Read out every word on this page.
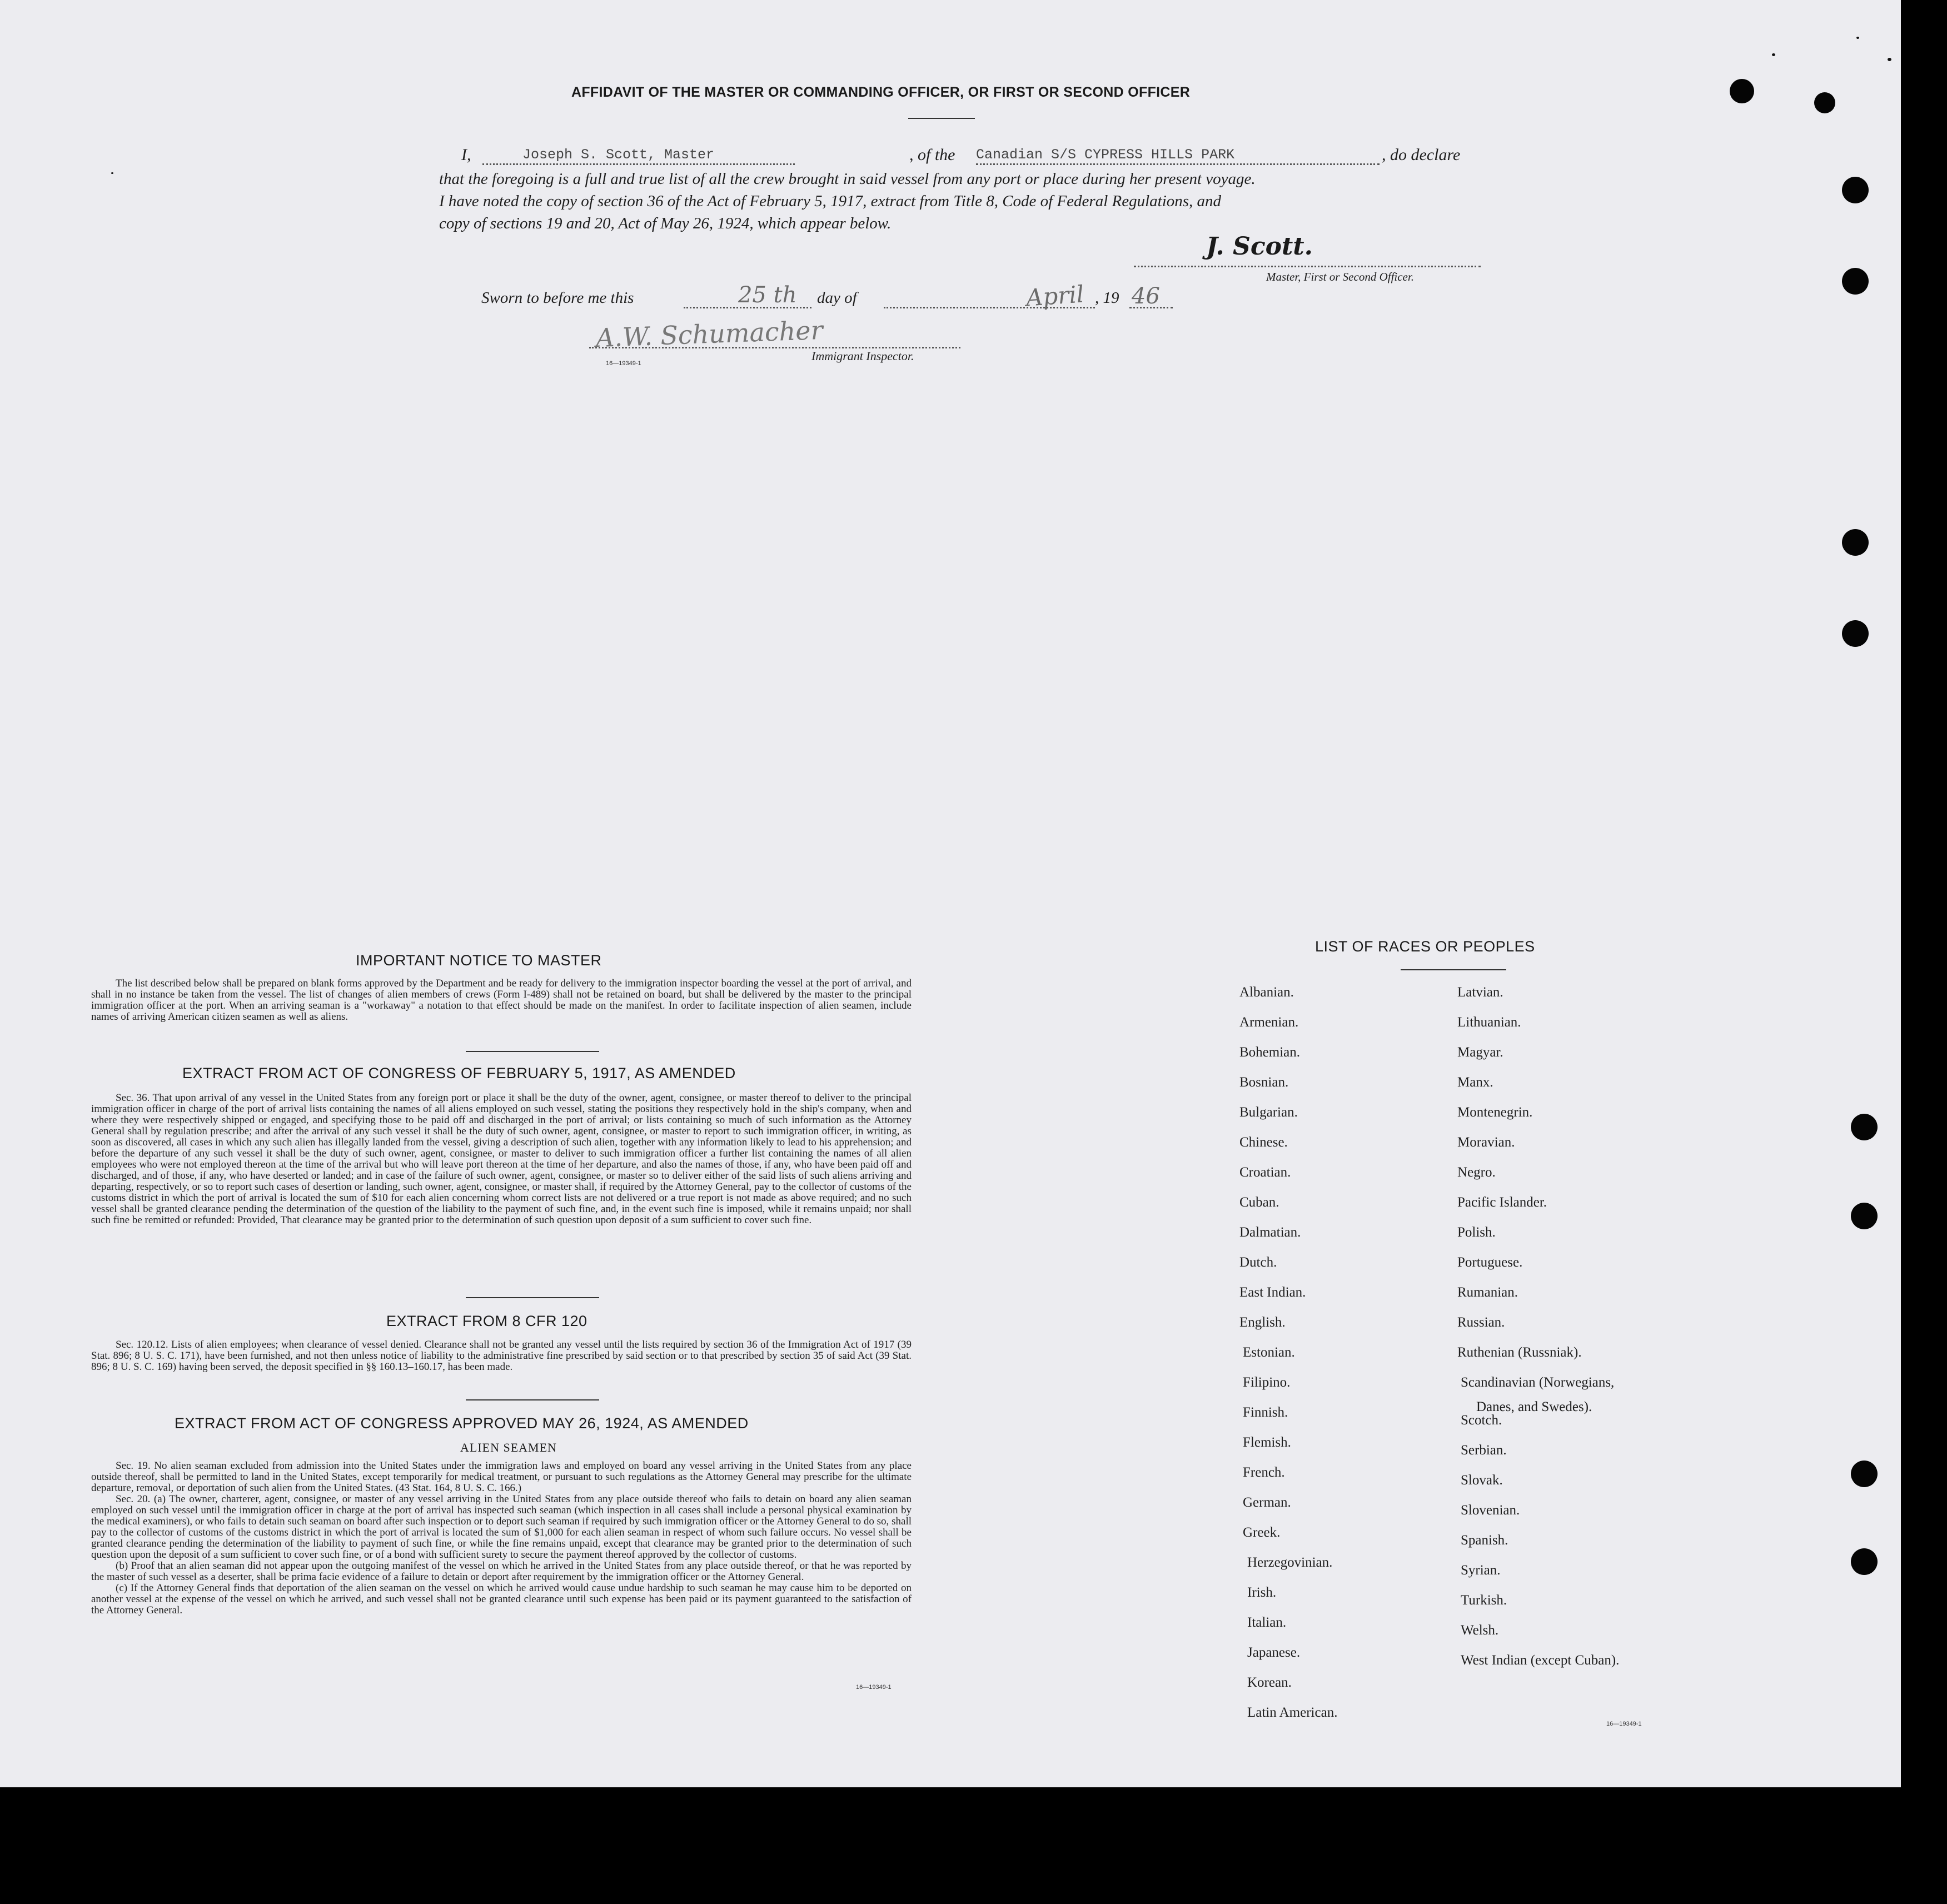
AFFIDAVIT OF THE MASTER OR COMMANDING OFFICER, OR FIRST OR SECOND OFFICER
I,	Joseph S. Scott, Master	, of the Canadian S/S CYPRESS HILLS PARK	, do declare
that the foregoing is a full and true list of all the crew brought in said vessel from any port or place during her present voyage.
I have noted the copy of section 36 of the Act of February 5, 1917, extract from Title 8, Code of Federal Regulations, and
copy of sections 19 and 20, Act of May 26, 1924, which appear below.
J. Scott.
Master, First or Second Officer.
Sworn to before me this	25 th day of	April , 19 46
A.W. Schumacher
16—19349-1
Immigrant Inspector.
IMPORTANT NOTICE TO MASTER

The list described below shall be prepared on blank forms approved by the Department and be ready for delivery to the immigration inspector boarding the vessel at the port of arrival, and shall in no instance be taken from the vessel. The list of changes of alien members of crews (Form I-489) shall not be retained on board, but shall be delivered by the master to the principal immigration officer at the port. When an arriving seaman is a "workaway" a notation to that effect should be made on the manifest. In order to facilitate inspection of alien seamen, include names of arriving American citizen seamen as well as aliens.

EXTRACT FROM ACT OF CONGRESS OF FEBRUARY 5, 1917, AS AMENDED

Sec. 36. That upon arrival of any vessel in the United States from any foreign port or place it shall be the duty of the owner, agent, consignee, or master thereof to deliver to the principal immigration officer in charge of the port of arrival lists containing the names of all aliens employed on such vessel, stating the positions they respectively hold in the ship's company, when and where they were respectively shipped or engaged, and specifying those to be paid off and discharged in the port of arrival; or lists containing so much of such information as the Attorney General shall by regulation prescribe; and after the arrival of any such vessel it shall be the duty of such owner, agent, consignee, or master to report to such immigration officer, in writing, as soon as discovered, all cases in which any such alien has illegally landed from the vessel, giving a description of such alien, together with any information likely to lead to his apprehension; and before the departure of any such vessel it shall be the duty of such owner, agent, consignee, or master to deliver to such immigration officer a further list containing the names of all alien employees who were not employed thereon at the time of the arrival but who will leave port thereon at the time of her departure, and also the names of those, if any, who have been paid off and discharged, and of those, if any, who have deserted or landed; and in case of the failure of such owner, agent, consignee, or master so to deliver either of the said lists of such aliens arriving and departing, respectively, or so to report such cases of desertion or landing, such owner, agent, consignee, or master shall, if required by the Attorney General, pay to the collector of customs of the customs district in which the port of arrival is located the sum of $10 for each alien concerning whom correct lists are not delivered or a true report is not made as above required; and no such vessel shall be granted clearance pending the determination of the question of the liability to the payment of such fine, and, in the event such fine is imposed, while it remains unpaid; nor shall such fine be remitted or refunded: Provided, That clearance may be granted prior to the determination of such question upon deposit of a sum sufficient to cover such fine.

EXTRACT FROM 8 CFR 120

Sec. 120.12. Lists of alien employees; when clearance of vessel denied. Clearance shall not be granted any vessel until the lists required by section 36 of the Immigration Act of 1917 (39 Stat. 896; 8 U. S. C. 171), have been furnished, and not then unless notice of liability to the administrative fine prescribed by said section or to that prescribed by section 35 of said Act (39 Stat. 896; 8 U. S. C. 169) having been served, the deposit specified in §§ 160.13–160.17, has been made.

EXTRACT FROM ACT OF CONGRESS APPROVED MAY 26, 1924, AS AMENDED
ALIEN SEAMEN

Sec. 19. No alien seaman excluded from admission into the United States under the immigration laws and employed on board any vessel arriving in the United States from any place outside thereof, shall be permitted to land in the United States, except temporarily for medical treatment, or pursuant to such regulations as the Attorney General may prescribe for the ultimate departure, removal, or deportation of such alien from the United States. (43 Stat. 164, 8 U. S. C. 166.)

Sec. 20. (a) The owner, charterer, agent, consignee, or master of any vessel arriving in the United States from any place outside thereof who fails to detain on board any alien seaman employed on such vessel until the immigration officer in charge at the port of arrival has inspected such seaman (which inspection in all cases shall include a personal physical examination by the medical examiners), or who fails to detain such seaman on board after such inspection or to deport such seaman if required by such immigration officer or the Attorney General to do so, shall pay to the collector of customs of the customs district in which the port of arrival is located the sum of $1,000 for each alien seaman in respect of whom such failure occurs. No vessel shall be granted clearance pending the determination of the liability to payment of such fine, or while the fine remains unpaid, except that clearance may be granted prior to the determination of such question upon the deposit of a sum sufficient to cover such fine, or of a bond with sufficient surety to secure the payment thereof approved by the collector of customs.

(b) Proof that an alien seaman did not appear upon the outgoing manifest of the vessel on which he arrived in the United States from any place outside thereof, or that he was reported by the master of such vessel as a deserter, shall be prima facie evidence of a failure to detain or deport after requirement by the immigration officer or the Attorney General.

(c) If the Attorney General finds that deportation of the alien seaman on the vessel on which he arrived would cause undue hardship to such seaman he may cause him to be deported on another vessel at the expense of the vessel on which he arrived, and such vessel shall not be granted clearance until such expense has been paid or its payment guaranteed to the satisfaction of the Attorney General.

16—19349-1
LIST OF RACES OR PEOPLES
Albanian.
Armenian.
Bohemian.
Bosnian.
Bulgarian.
Chinese.
Croatian.
Cuban.
Dalmatian.
Dutch.
East Indian.
English.
Estonian.
Filipino.
Finnish.
Flemish.
French.
German.
Greek.
Herzegovinian.
Irish.
Italian.
Japanese.
Korean.
Latin American.
Latvian.
Lithuanian.
Magyar.
Manx.
Montenegrin.
Moravian.
Negro.
Pacific Islander.
Polish.
Portuguese.
Rumanian.
Russian.
Ruthenian (Russniak).
Scandinavian (Norwegians,
Scotch.
Serbian.
Slovak.
Slovenian.
Spanish.
Syrian.
Turkish.
Welsh.
West Indian (except Cuban).
Danes, and Swedes).
16—19349-1
